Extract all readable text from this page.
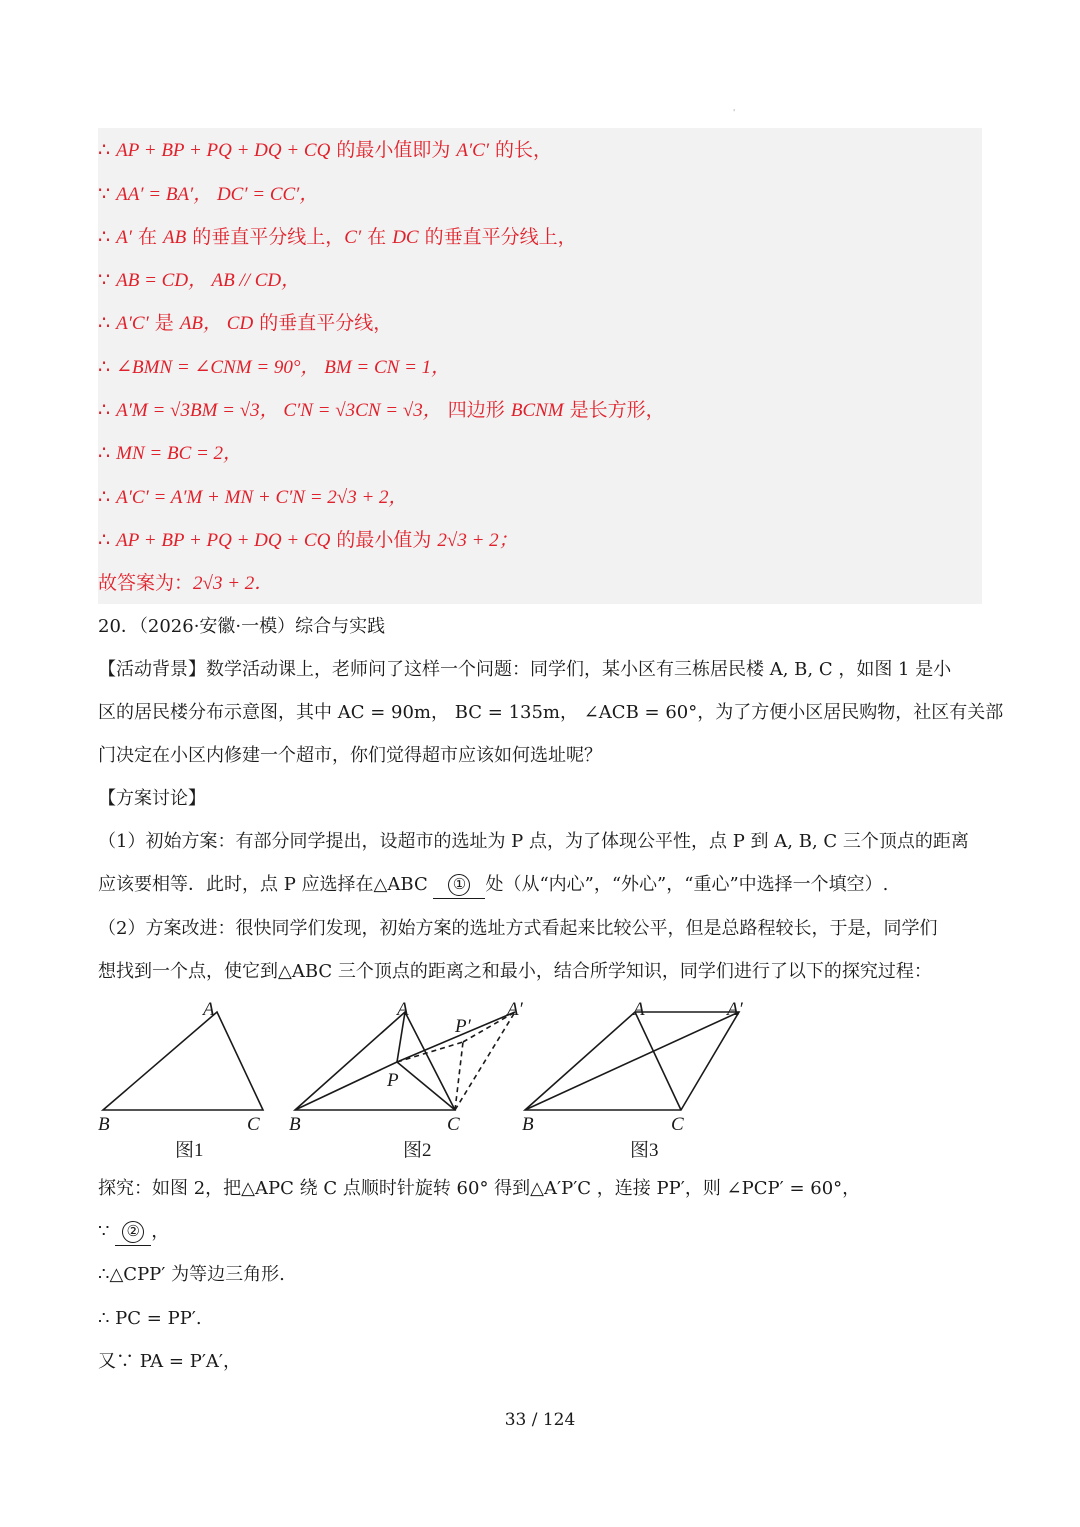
'
∴ AP + BP + PQ + DQ + CQ 的最小值即为 A′C′ 的长，
∵ AA′ = BA′， DC′ = CC′，
∴ A′ 在 AB 的垂直平分线上，C′ 在 DC 的垂直平分线上，
∵ AB = CD， AB // CD，
∴ A′C′ 是 AB， CD 的垂直平分线，
∴ ∠BMN = ∠CNM = 90°， BM = CN = 1，
∴ A′M = √3BM = √3， C′N = √3CN = √3， 四边形 BCNM 是长方形，
∴ MN = BC = 2，
∴ A′C′ = A′M + MN + C′N = 2√3 + 2，
∴ AP + BP + PQ + DQ + CQ 的最小值为 2√3 + 2；
故答案为：2√3 + 2．
20．（2026·安徽·一模）综合与实践
【活动背景】数学活动课上，老师问了这样一个问题：同学们，某小区有三栋居民楼 A, B, C ，如图 1 是小
区的居民楼分布示意图，其中 AC = 90m， BC = 135m， ∠ACB = 60°，为了方便小区居民购物，社区有关部
门决定在小区内修建一个超市，你们觉得超市应该如何选址呢？
【方案讨论】
（1）初始方案：有部分同学提出，设超市的选址为 P 点，为了体现公平性，点 P 到 A, B, C 三个顶点的距离
应该要相等．此时，点 P 应选择在△ABC ① 处（从“内心”，“外心”，“重心”中选择一个填空）.
（2）方案改进：很快同学们发现，初始方案的选址方式看起来比较公平，但是总路程较长，于是，同学们
想找到一个点，使它到△ABC 三个顶点的距离之和最小，结合所学知识，同学们进行了以下的探究过程：
A
B	C
A	A′
P′
P
B	C
A	A′
B	C
图1	图2	图3
探究：如图 2，把△APC 绕 C 点顺时针旋转 60° 得到△A′P′C ，连接 PP′，则 ∠PCP′ = 60°，
∵ ② ，
∴△CPP′ 为等边三角形.
∴ PC = PP′.
又∵ PA = P′A′，
33 / 124
